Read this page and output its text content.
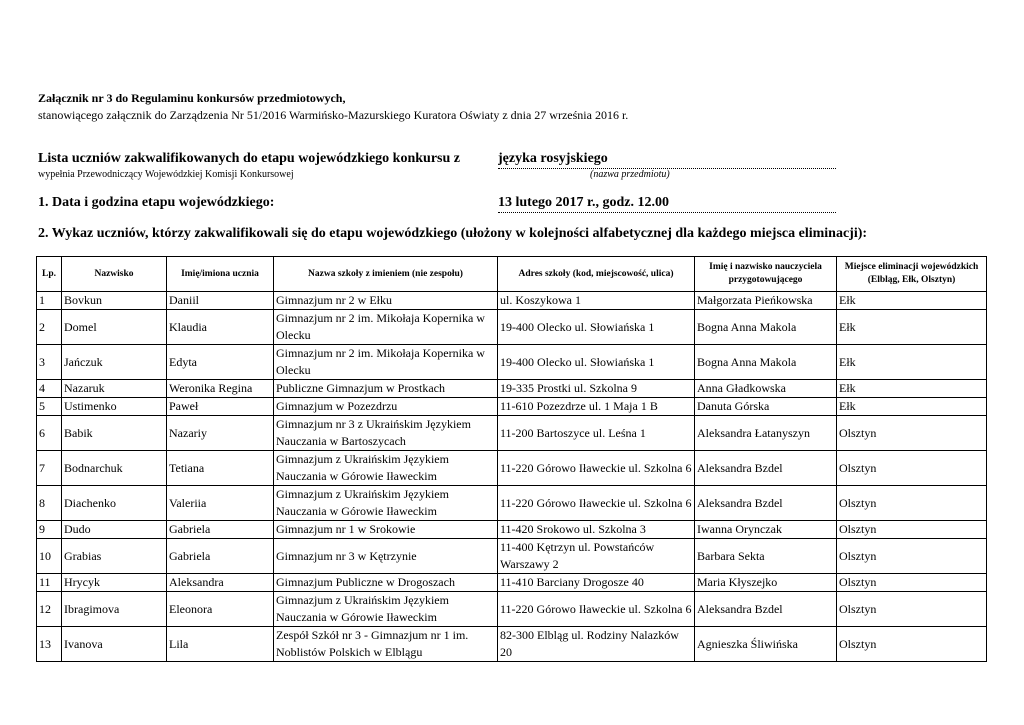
Załącznik nr 3 do Regulaminu konkursów przedmiotowych,
stanowiącego załącznik do Zarządzenia Nr 51/2016 Warmińsko-Mazurskiego Kuratora Oświaty z dnia 27 września 2016 r.
Lista uczniów zakwalifikowanych do etapu wojewódzkiego konkursu z	języka rosyjskiego
wypełnia Przewodniczący Wojewódzkiej Komisji Konkursowej	(nazwa przedmiotu)
1. Data i godzina etapu wojewódzkiego:	13 lutego 2017 r., godz. 12.00
2. Wykaz uczniów, którzy zakwalifikowali się do etapu wojewódzkiego (ułożony w kolejności alfabetycznej dla każdego miejsca eliminacji):
Lp.	Nazwisko	Imię/imiona ucznia	Nazwa szkoły z imieniem (nie zespołu)	Adres szkoły (kod, miejscowość, ulica)	Imię i nazwisko nauczyciela przygotowującego	Miejsce eliminacji wojewódzkich (Elbląg, Ełk, Olsztyn)
1	Bovkun	Daniil	Gimnazjum nr 2 w Ełku	ul. Koszykowa 1	Małgorzata Pieńkowska	Ełk
2	Domel	Klaudia	Gimnazjum nr 2 im. Mikołaja Kopernika w Olecku	19-400 Olecko ul. Słowiańska 1	Bogna Anna Makola	Ełk
3	Jańczuk	Edyta	Gimnazjum nr 2 im. Mikołaja Kopernika w Olecku	19-400 Olecko ul. Słowiańska 1	Bogna Anna Makola	Ełk
4	Nazaruk	Weronika Regina	Publiczne Gimnazjum w Prostkach	19-335 Prostki ul. Szkolna 9	Anna Gładkowska	Ełk
5	Ustimenko	Paweł	Gimnazjum w Pozezdrzu	11-610 Pozezdrze ul. 1 Maja 1 B	Danuta Górska	Ełk
6	Babik	Nazariy	Gimnazjum nr 3 z Ukraińskim Językiem Nauczania w Bartoszycach	11-200 Bartoszyce ul. Leśna 1	Aleksandra Łatanyszyn	Olsztyn
7	Bodnarchuk	Tetiana	Gimnazjum z Ukraińskim Językiem Nauczania w Górowie Iławeckim	11-220 Górowo Iławeckie ul. Szkolna 6	Aleksandra Bzdel	Olsztyn
8	Diachenko	Valeriia	Gimnazjum z Ukraińskim Językiem Nauczania w Górowie Iławeckim	11-220 Górowo Iławeckie ul. Szkolna 6	Aleksandra Bzdel	Olsztyn
9	Dudo	Gabriela	Gimnazjum nr 1 w Srokowie	11-420 Srokowo ul. Szkolna 3	Iwanna Orynczak	Olsztyn
10	Grabias	Gabriela	Gimnazjum nr 3 w Kętrzynie	11-400 Kętrzyn ul. Powstańców Warszawy 2	Barbara Sekta	Olsztyn
11	Hrycyk	Aleksandra	Gimnazjum Publiczne w Drogoszach	11-410 Barciany Drogosze 40	Maria Kłyszejko	Olsztyn
12	Ibragimova	Eleonora	Gimnazjum z Ukraińskim Językiem Nauczania w Górowie Iławeckim	11-220 Górowo Iławeckie ul. Szkolna 6	Aleksandra Bzdel	Olsztyn
13	Ivanova	Lila	Zespół Szkół nr 3 - Gimnazjum nr 1 im. Noblistów Polskich w Elblągu	82-300 Elbląg ul. Rodziny Nalazków 20	Agnieszka Śliwińska	Olsztyn
